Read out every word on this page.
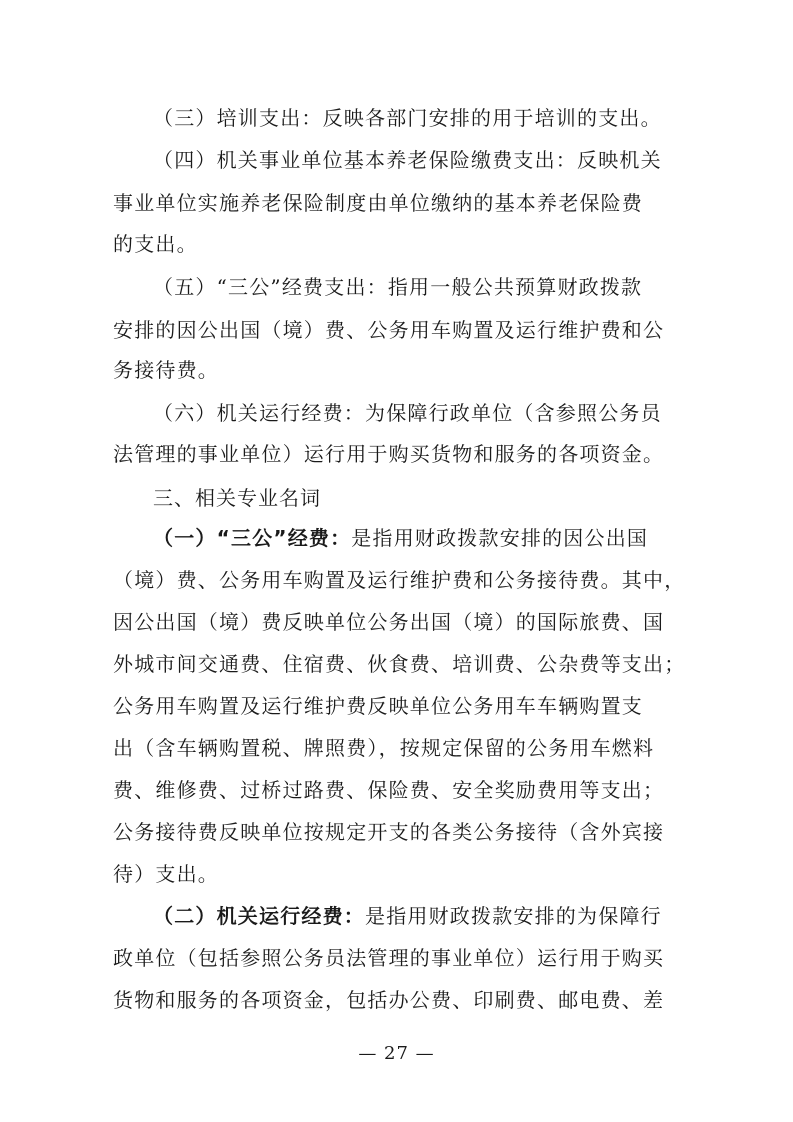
（三）培训支出：反映各部门安排的用于培训的支出。
（四）机关事业单位基本养老保险缴费支出：反映机关
事业单位实施养老保险制度由单位缴纳的基本养老保险费
的支出。
（五）“三公”经费支出：指用一般公共预算财政拨款
安排的因公出国（境）费、公务用车购置及运行维护费和公
务接待费。
（六）机关运行经费：为保障行政单位（含参照公务员
法管理的事业单位）运行用于购买货物和服务的各项资金。
三、相关专业名词
（一）“三公”经费：是指用财政拨款安排的因公出国
（境）费、公务用车购置及运行维护费和公务接待费。其中，
因公出国（境）费反映单位公务出国（境）的国际旅费、国
外城市间交通费、住宿费、伙食费、培训费、公杂费等支出；
公务用车购置及运行维护费反映单位公务用车车辆购置支
出（含车辆购置税、牌照费），按规定保留的公务用车燃料
费、维修费、过桥过路费、保险费、安全奖励费用等支出；
公务接待费反映单位按规定开支的各类公务接待（含外宾接
待）支出。
（二）机关运行经费：是指用财政拨款安排的为保障行
政单位（包括参照公务员法管理的事业单位）运行用于购买
货物和服务的各项资金，包括办公费、印刷费、邮电费、差
— 27 —
